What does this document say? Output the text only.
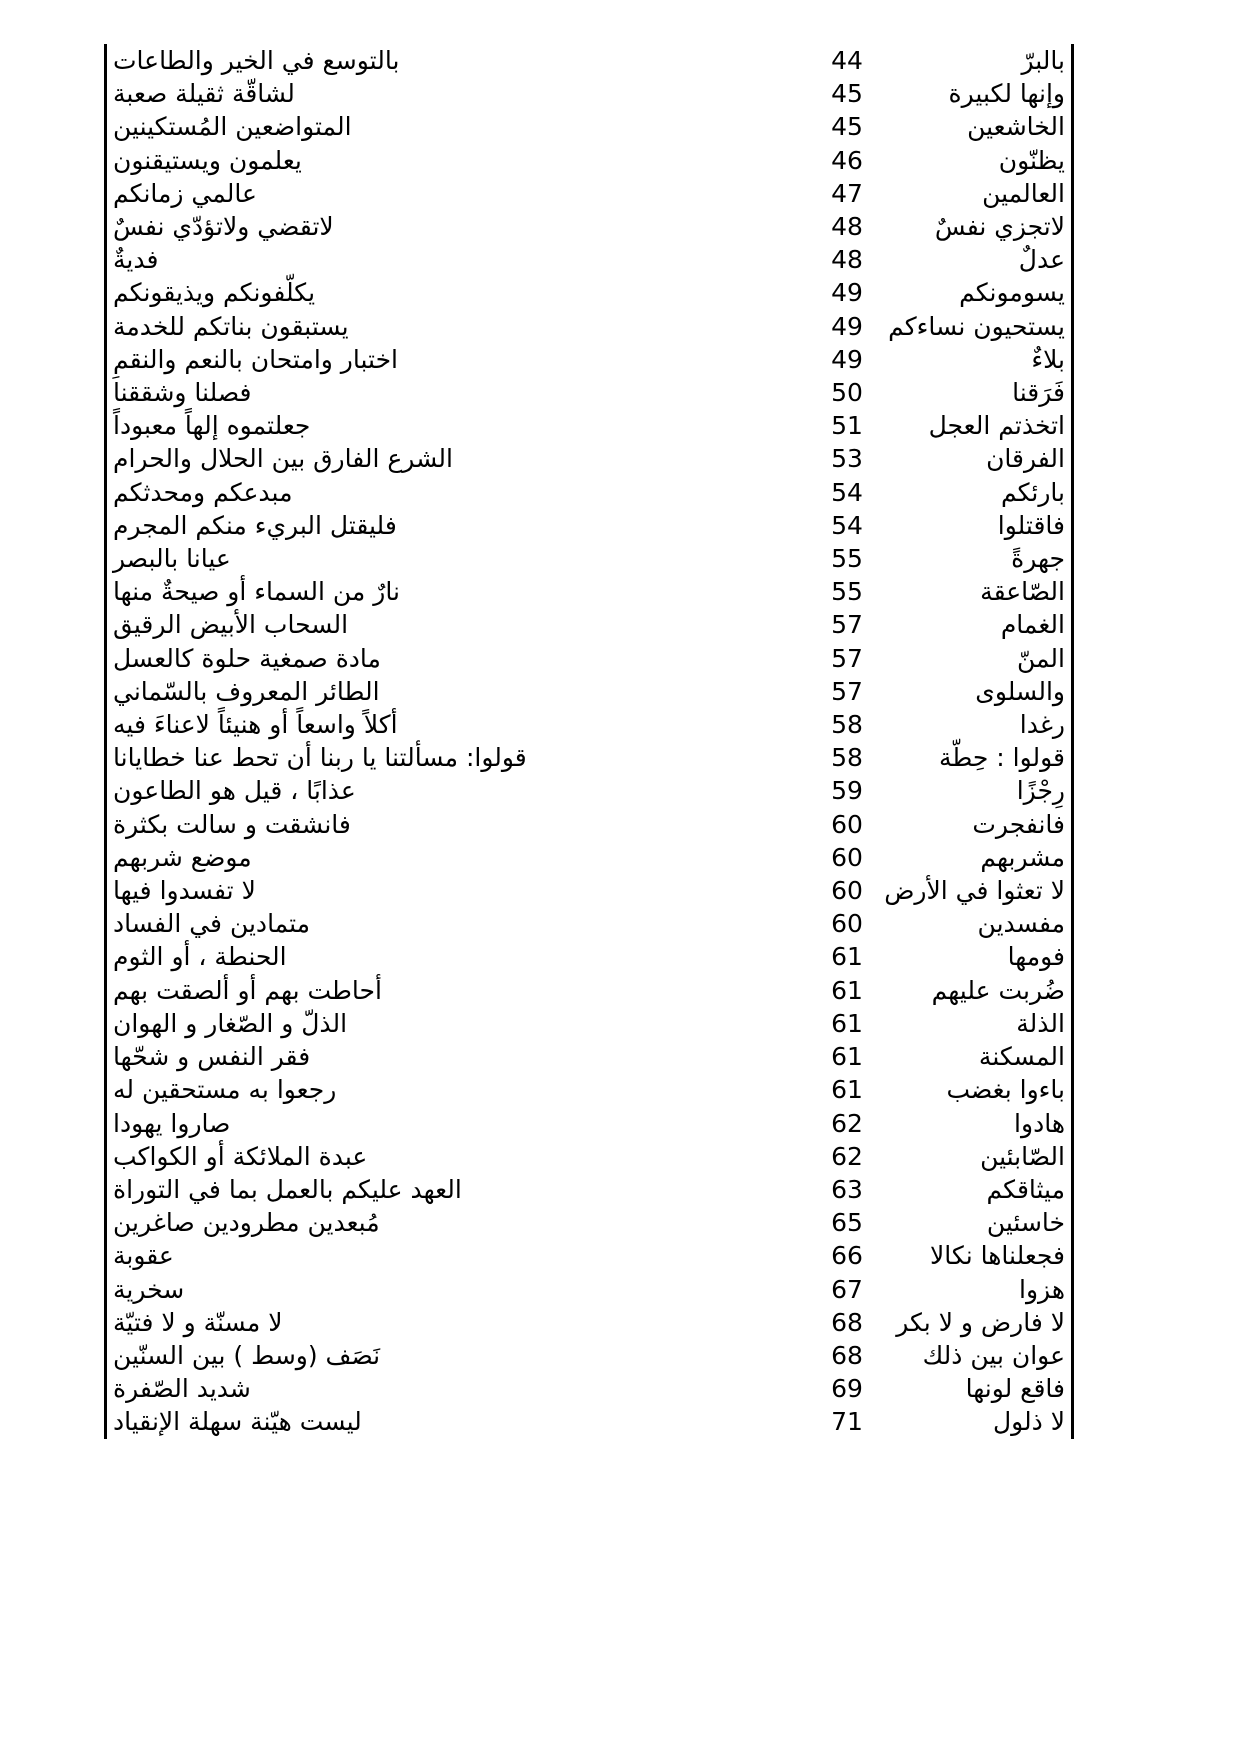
بالبرّ	44	بالتوسع في الخير والطاعات
وإنها لكبيرة	45	لشاقّة ثقيلة صعبة
الخاشعين	45	المتواضعين المُستكينين
يظنّون	46	يعلمون ويستيقنون
العالمين	47	عالمي زمانكم
لاتجزي نفسٌ	48	لاتقضي ولاتؤدّي نفسٌ
عدلٌ	48	فديةٌ
يسومونكم	49	يكلّفونكم ويذيقونكم
يستحيون نساءكم	49	يستبقون بناتكم للخدمة
بلاءٌ	49	اختبار وامتحان بالنعم والنقمِ
فَرَقنا	50	فصلنا وشققنا
اتخذتم العجل	51	جعلتموه إلهاً معبوداً
الفرقان	53	الشرع الفارق بين الحلال والحرام
بارئكم	54	مبدعكم ومحدثكم
فاقتلوا	54	فليقتل البريء منكم المجرم
جهرةً	55	عيانا بالبصر
الصّاعقة	55	نارٌ من السماء أو صيحةٌ منها
الغمام	57	السحاب الأبيض الرقيق
المنّ	57	مادة صمغية حلوة كالعسل
والسلوى	57	الطائر المعروف بالسّماني
رغدا	58	أكلاً واسعاً أو هنيئاً لاعناءَ فيه
قولوا : حِطّة	58	قولوا: مسألتنا يا ربنا أن تحط عنا خطايانا
رِجْزًا	59	عذابًا ، قيل هو الطاعون
فانفجرت	60	فانشقت و سالت بكثرة
مشربهم	60	موضع شربهم
لا تعثوا في الأرض	60	لا تفسدوا فيها
مفسدين	60	متمادين في الفساد
فومها	61	الحنطة ، أو الثوم
ضُربت عليهم	61	أحاطت بهم أو ألصقت بهم
الذلة	61	الذلّ و الصّغار و الهوان
المسكنة	61	فقر النفس و شحّها
باءوا بغضب	61	رجعوا به مستحقين له
هادوا	62	صاروا يهودا
الصّابئين	62	عبدة الملائكة أو الكواكب
ميثاقكم	63	العهد عليكم بالعمل بما في التوراة
خاسئين	65	مُبعدين مطرودين صاغرين
فجعلناها نكالا	66	عقوبة
هزوا	67	سخرية
لا فارض و لا بكر	68	لا مسنّة و لا فتيّة
عوان بين ذلك	68	نَصَف (وسط ) بين السنّين
فاقع لونها	69	شديد الصّفرة
لا ذلول	71	ليست هيّنة سهلة الإنقياد
